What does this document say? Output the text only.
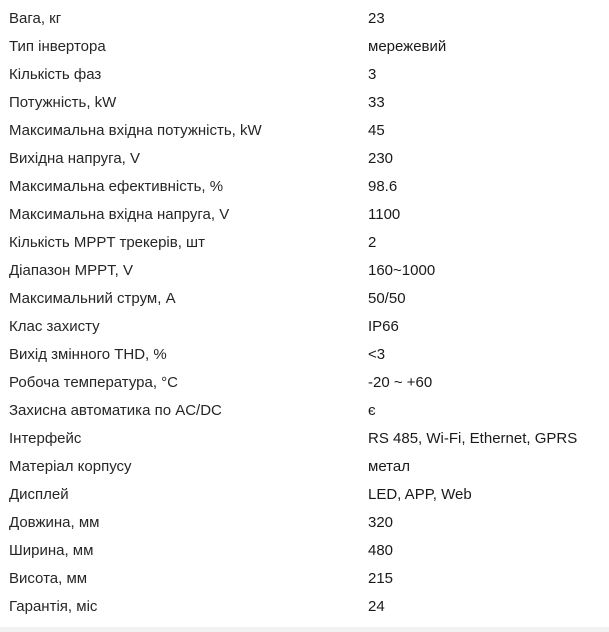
Вага, кг	23
Тип інвертора	мережевий
Кількість фаз	3
Потужність, kW	33
Максимальна вхідна потужність, kW	45
Вихідна напруга, V	230
Максимальна ефективність, %	98.6
Максимальна вхідна напруга, V	1100
Кількість MPPT трекерів, шт	2
Діапазон MPPT, V	160~1000
Максимальний струм, А	50/50
Клас захисту	IP66
Вихід змінного THD, %	<3
Робоча температура, °C	-20 ~ +60
Захисна автоматика по AC/DC	є
Інтерфейс	RS 485, Wi-Fi, Ethernet, GPRS
Матеріал корпусу	метал
Дисплей	LED, APP, Web
Довжина, мм	320
Ширина, мм	480
Висота, мм	215
Гарантія, міс	24
